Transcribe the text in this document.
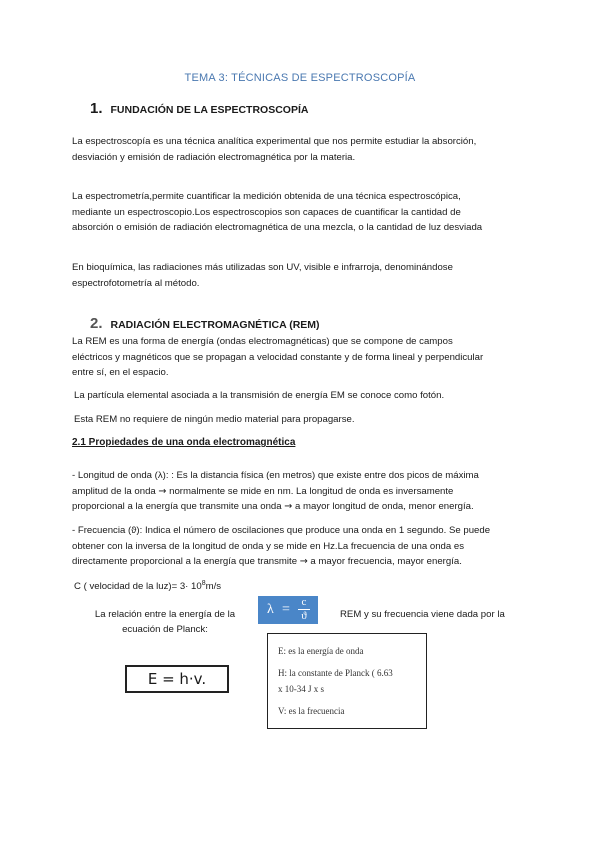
TEMA 3: TÉCNICAS DE ESPECTROSCOPÍA
1. FUNDACIÓN DE LA ESPECTROSCOPÍA
La espectroscopía es una técnica analítica experimental que nos permite estudiar la absorción,
desviación y emisión de radiación electromagnética por la materia.
La espectrometría,permite cuantificar la medición obtenida de una técnica espectroscópica,
mediante un espectroscopio.Los espectroscopios son capaces de cuantificar la cantidad de
absorción o emisión de radiación electromagnética de una mezcla, o la cantidad de luz desviada
En bioquímica, las radiaciones más utilizadas son UV, visible e infrarroja, denominándose
espectrofotometría al método.
2. RADIACIÓN ELECTROMAGNÉTICA (REM)
La REM es una forma de energía (ondas electromagnéticas) que se compone de campos
eléctricos y magnéticos que se propagan a velocidad constante y de forma lineal y perpendicular
entre sí, en el espacio.
La partícula elemental asociada a la transmisión de energía EM se conoce como fotón.
Esta REM no requiere de ningún medio material para propagarse.
2.1 Propiedades de una onda electromagnética
- Longitud de onda (λ): : Es la distancia física (en metros) que existe entre dos picos de máxima
amplitud de la onda → normalmente se mide en nm. La longitud de onda es inversamente
proporcional a la energía que transmite una onda → a mayor longitud de onda, menor energía.
- Frecuencia (ϑ): Indica el número de oscilaciones que produce una onda en 1 segundo. Se puede
obtener con la inversa de la longitud de onda y se mide en Hz.La frecuencia de una onda es
directamente proporcional a la energía que transmite → a mayor frecuencia, mayor energía.
C ( velocidad de la $luz)= 3\cdot 10^8m/s$
La relación entre la energía de la
ecuación de Planck:
λ =	c
ϑ	REM y su frecuencia viene dada por la
E: es la energía de onda
H: la constante de Planck ( 6.63
x 10-34 J x s
V: es la frecuencia
E = h·v.
